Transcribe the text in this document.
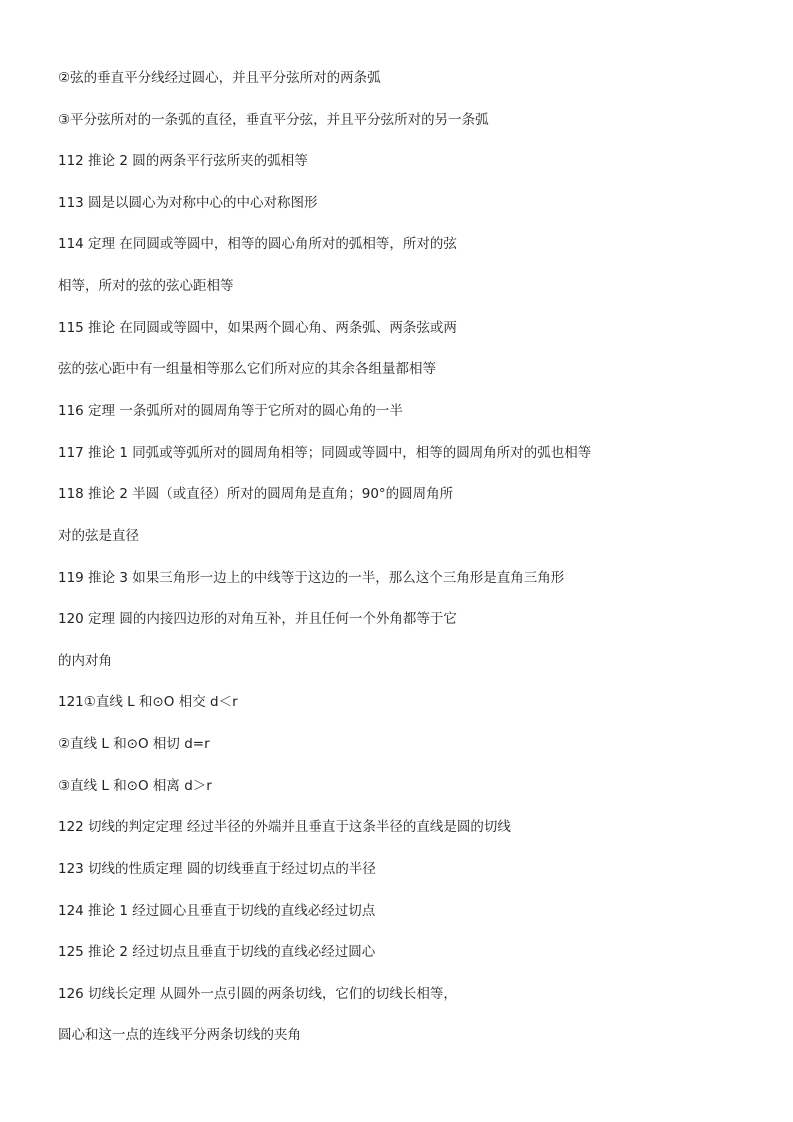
②弦的垂直平分线经过圆心，并且平分弦所对的两条弧
③平分弦所对的一条弧的直径，垂直平分弦，并且平分弦所对的另一条弧
112 推论 2 圆的两条平行弦所夹的弧相等
113 圆是以圆心为对称中心的中心对称图形
114 定理 在同圆或等圆中，相等的圆心角所对的弧相等，所对的弦
相等，所对的弦的弦心距相等
115 推论 在同圆或等圆中，如果两个圆心角、两条弧、两条弦或两
弦的弦心距中有一组量相等那么它们所对应的其余各组量都相等
116 定理 一条弧所对的圆周角等于它所对的圆心角的一半
117 推论 1 同弧或等弧所对的圆周角相等；同圆或等圆中，相等的圆周角所对的弧也相等
118 推论 2 半圆（或直径）所对的圆周角是直角；90°的圆周角所
对的弦是直径
119 推论 3 如果三角形一边上的中线等于这边的一半，那么这个三角形是直角三角形
120 定理 圆的内接四边形的对角互补，并且任何一个外角都等于它
的内对角
121①直线 L 和⊙O 相交 d＜r
②直线 L 和⊙O 相切 d=r
③直线 L 和⊙O 相离 d＞r
122 切线的判定定理 经过半径的外端并且垂直于这条半径的直线是圆的切线
123 切线的性质定理 圆的切线垂直于经过切点的半径
124 推论 1 经过圆心且垂直于切线的直线必经过切点
125 推论 2 经过切点且垂直于切线的直线必经过圆心
126 切线长定理 从圆外一点引圆的两条切线，它们的切线长相等，
圆心和这一点的连线平分两条切线的夹角
